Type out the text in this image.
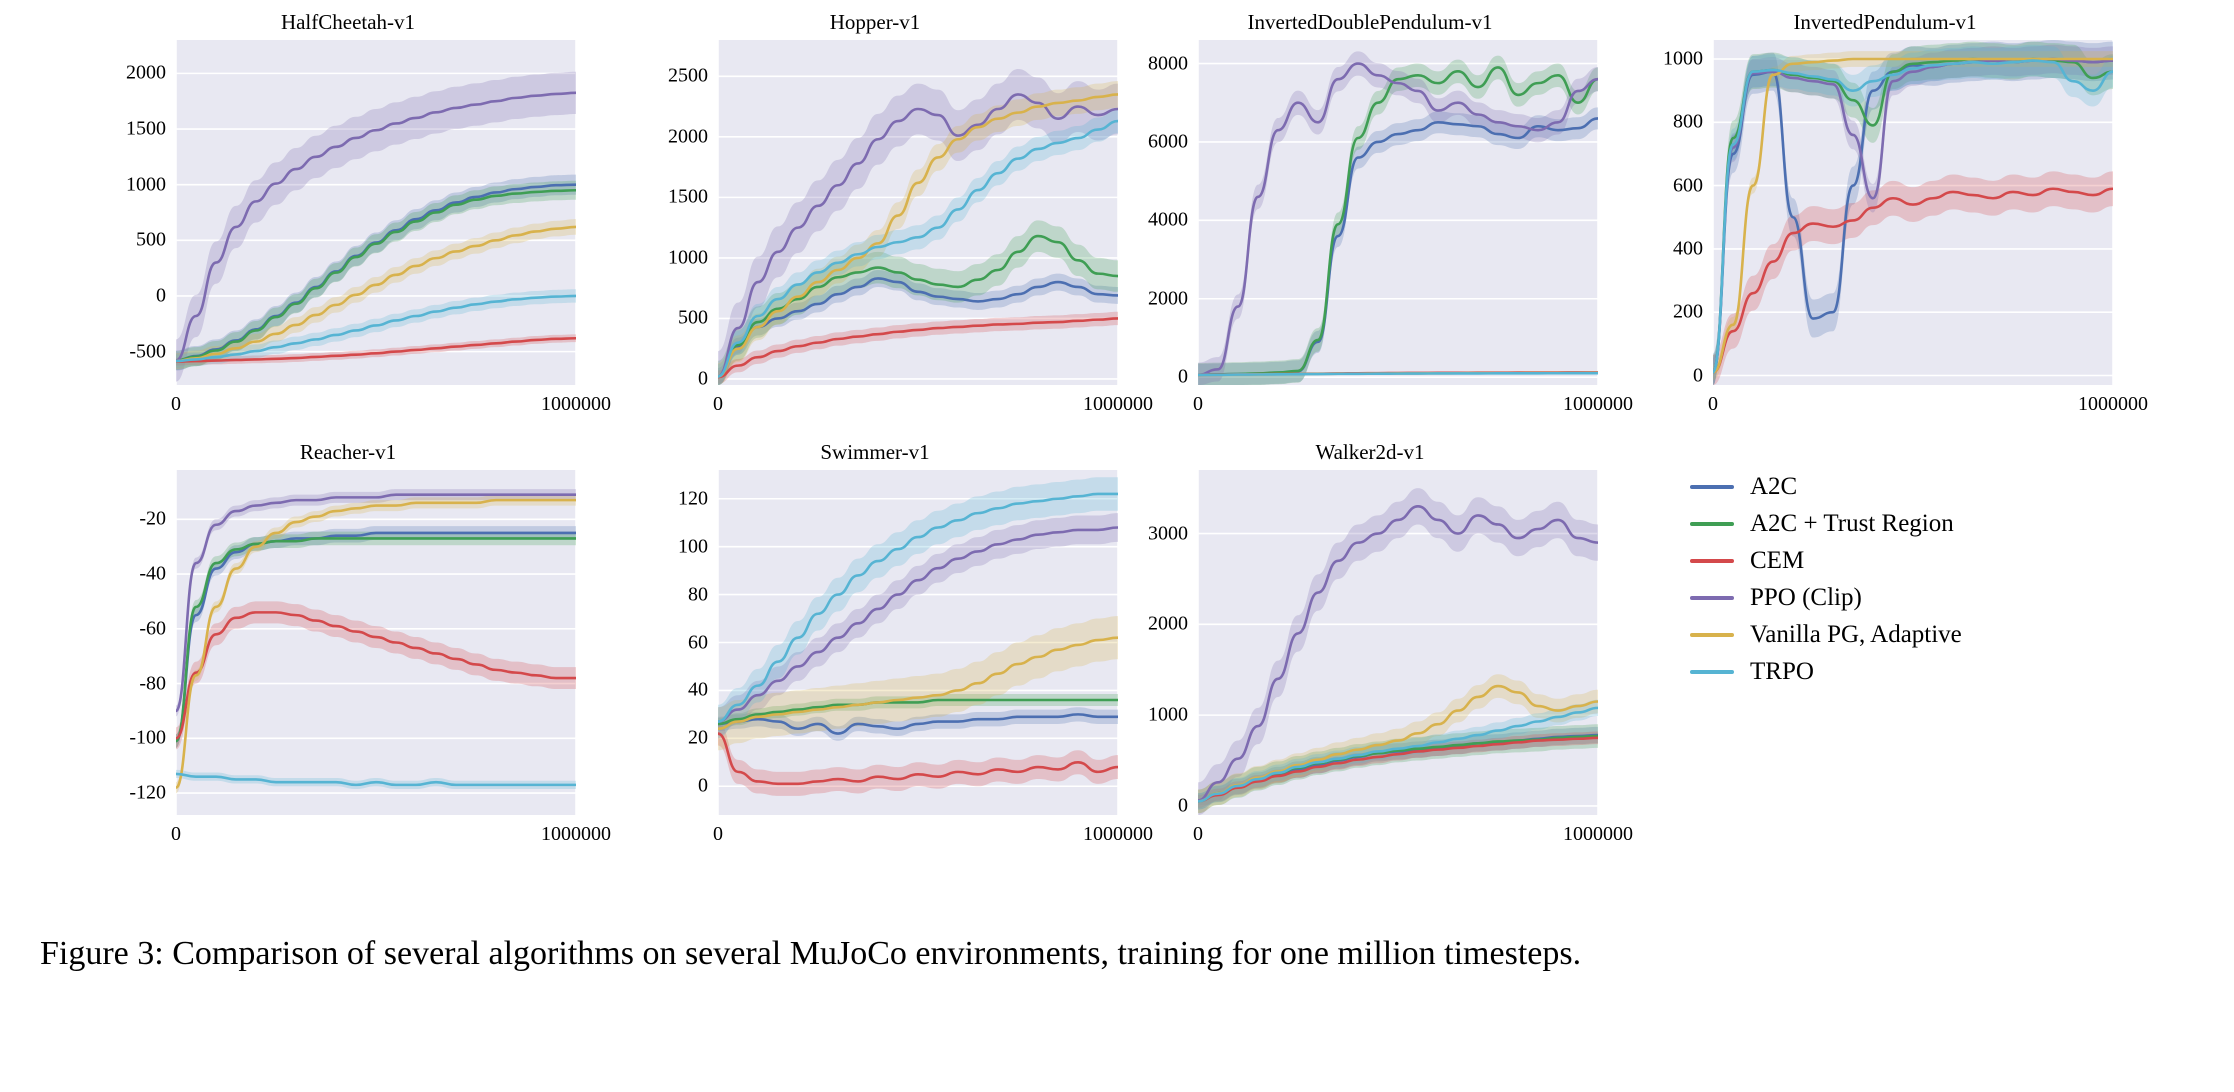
HalfCheetah-v1
-500
0
500
1000
1500
2000
0	1000000
Hopper-v1
0
500
1000
1500
2000
2500
0	1000000
InvertedDoublePendulum-v1
0
2000
4000
6000
8000
0	1000000
InvertedPendulum-v1
0
200
400
600
800
1000
0	1000000
Reacher-v1
-20
-40
-60
-80
-100
-120
0	1000000
Swimmer-v1
0
20
40
60
80
100
120
0	1000000
Walker2d-v1
0
1000
2000
3000
0	1000000
A2C
A2C + Trust Region
CEM
PPO (Clip)
Vanilla PG, Adaptive
TRPO
Figure 3: Comparison of several algorithms on several MuJoCo environments, training for one million timesteps.
